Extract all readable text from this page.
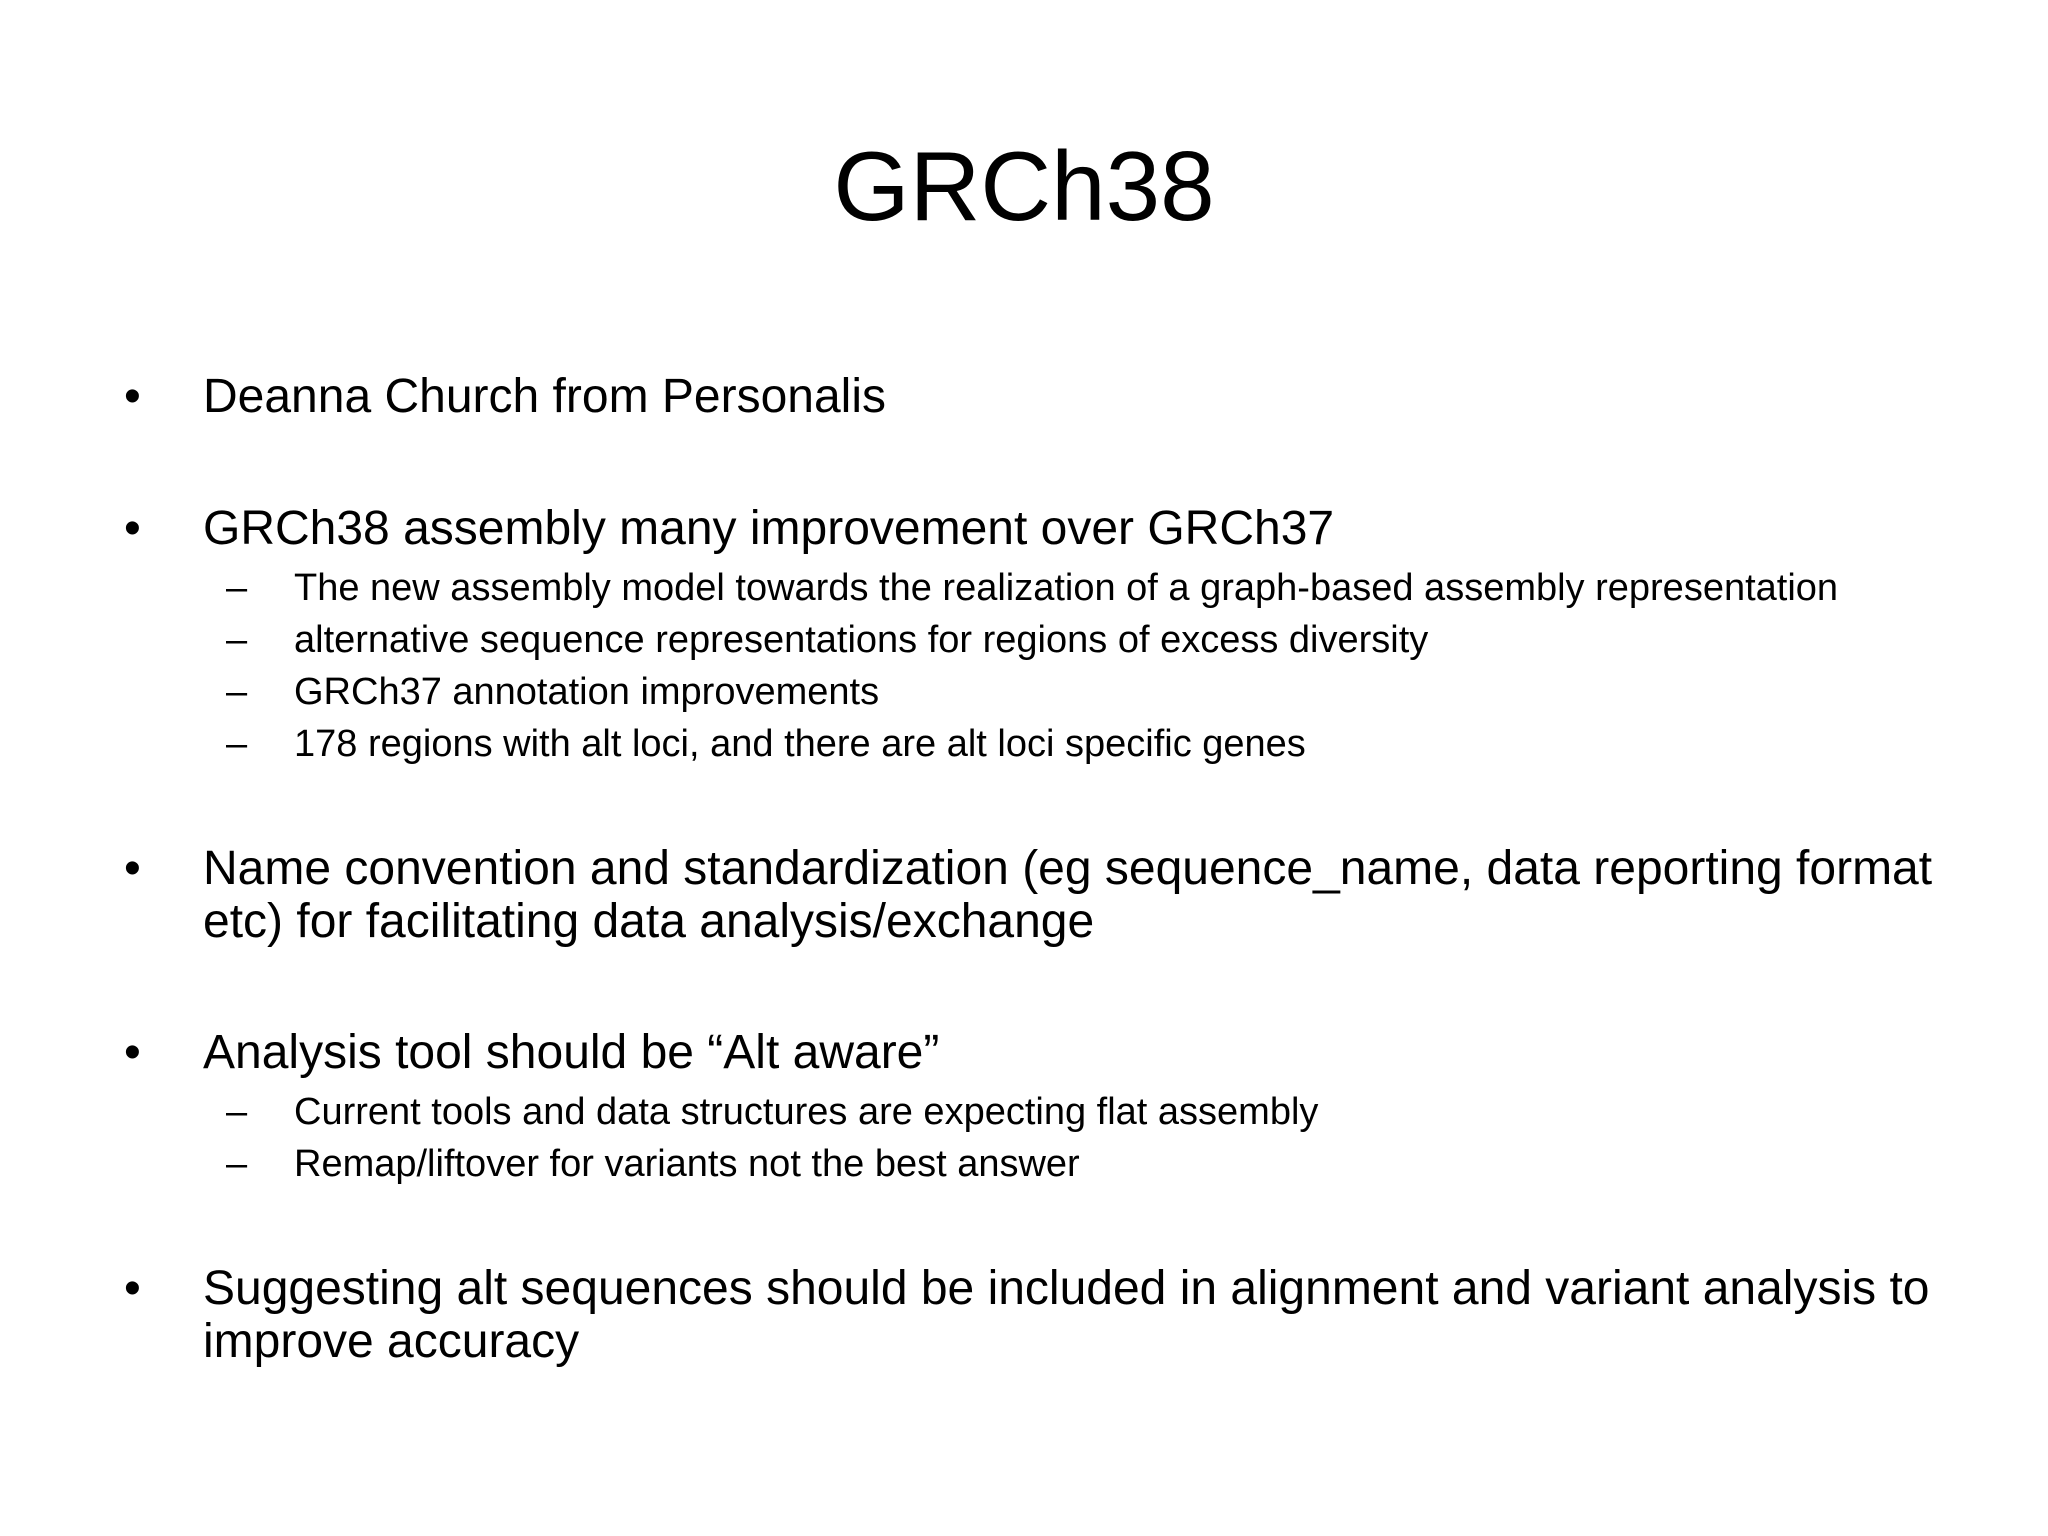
GRCh38
• Deanna Church from Personalis
• GRCh38 assembly many improvement over GRCh37
– The new assembly model towards the realization of a graph-based assembly representation
– alternative sequence representations for regions of excess diversity
– GRCh37 annotation improvements
– 178 regions with alt loci, and there are alt loci specific genes
• Name convention and standardization (eg sequence_name, data reporting format etc) for facilitating data analysis/exchange
• Analysis tool should be “Alt aware”
– Current tools and data structures are expecting flat assembly
– Remap/liftover for variants not the best answer
• Suggesting alt sequences should be included in alignment and variant analysis to improve accuracy
